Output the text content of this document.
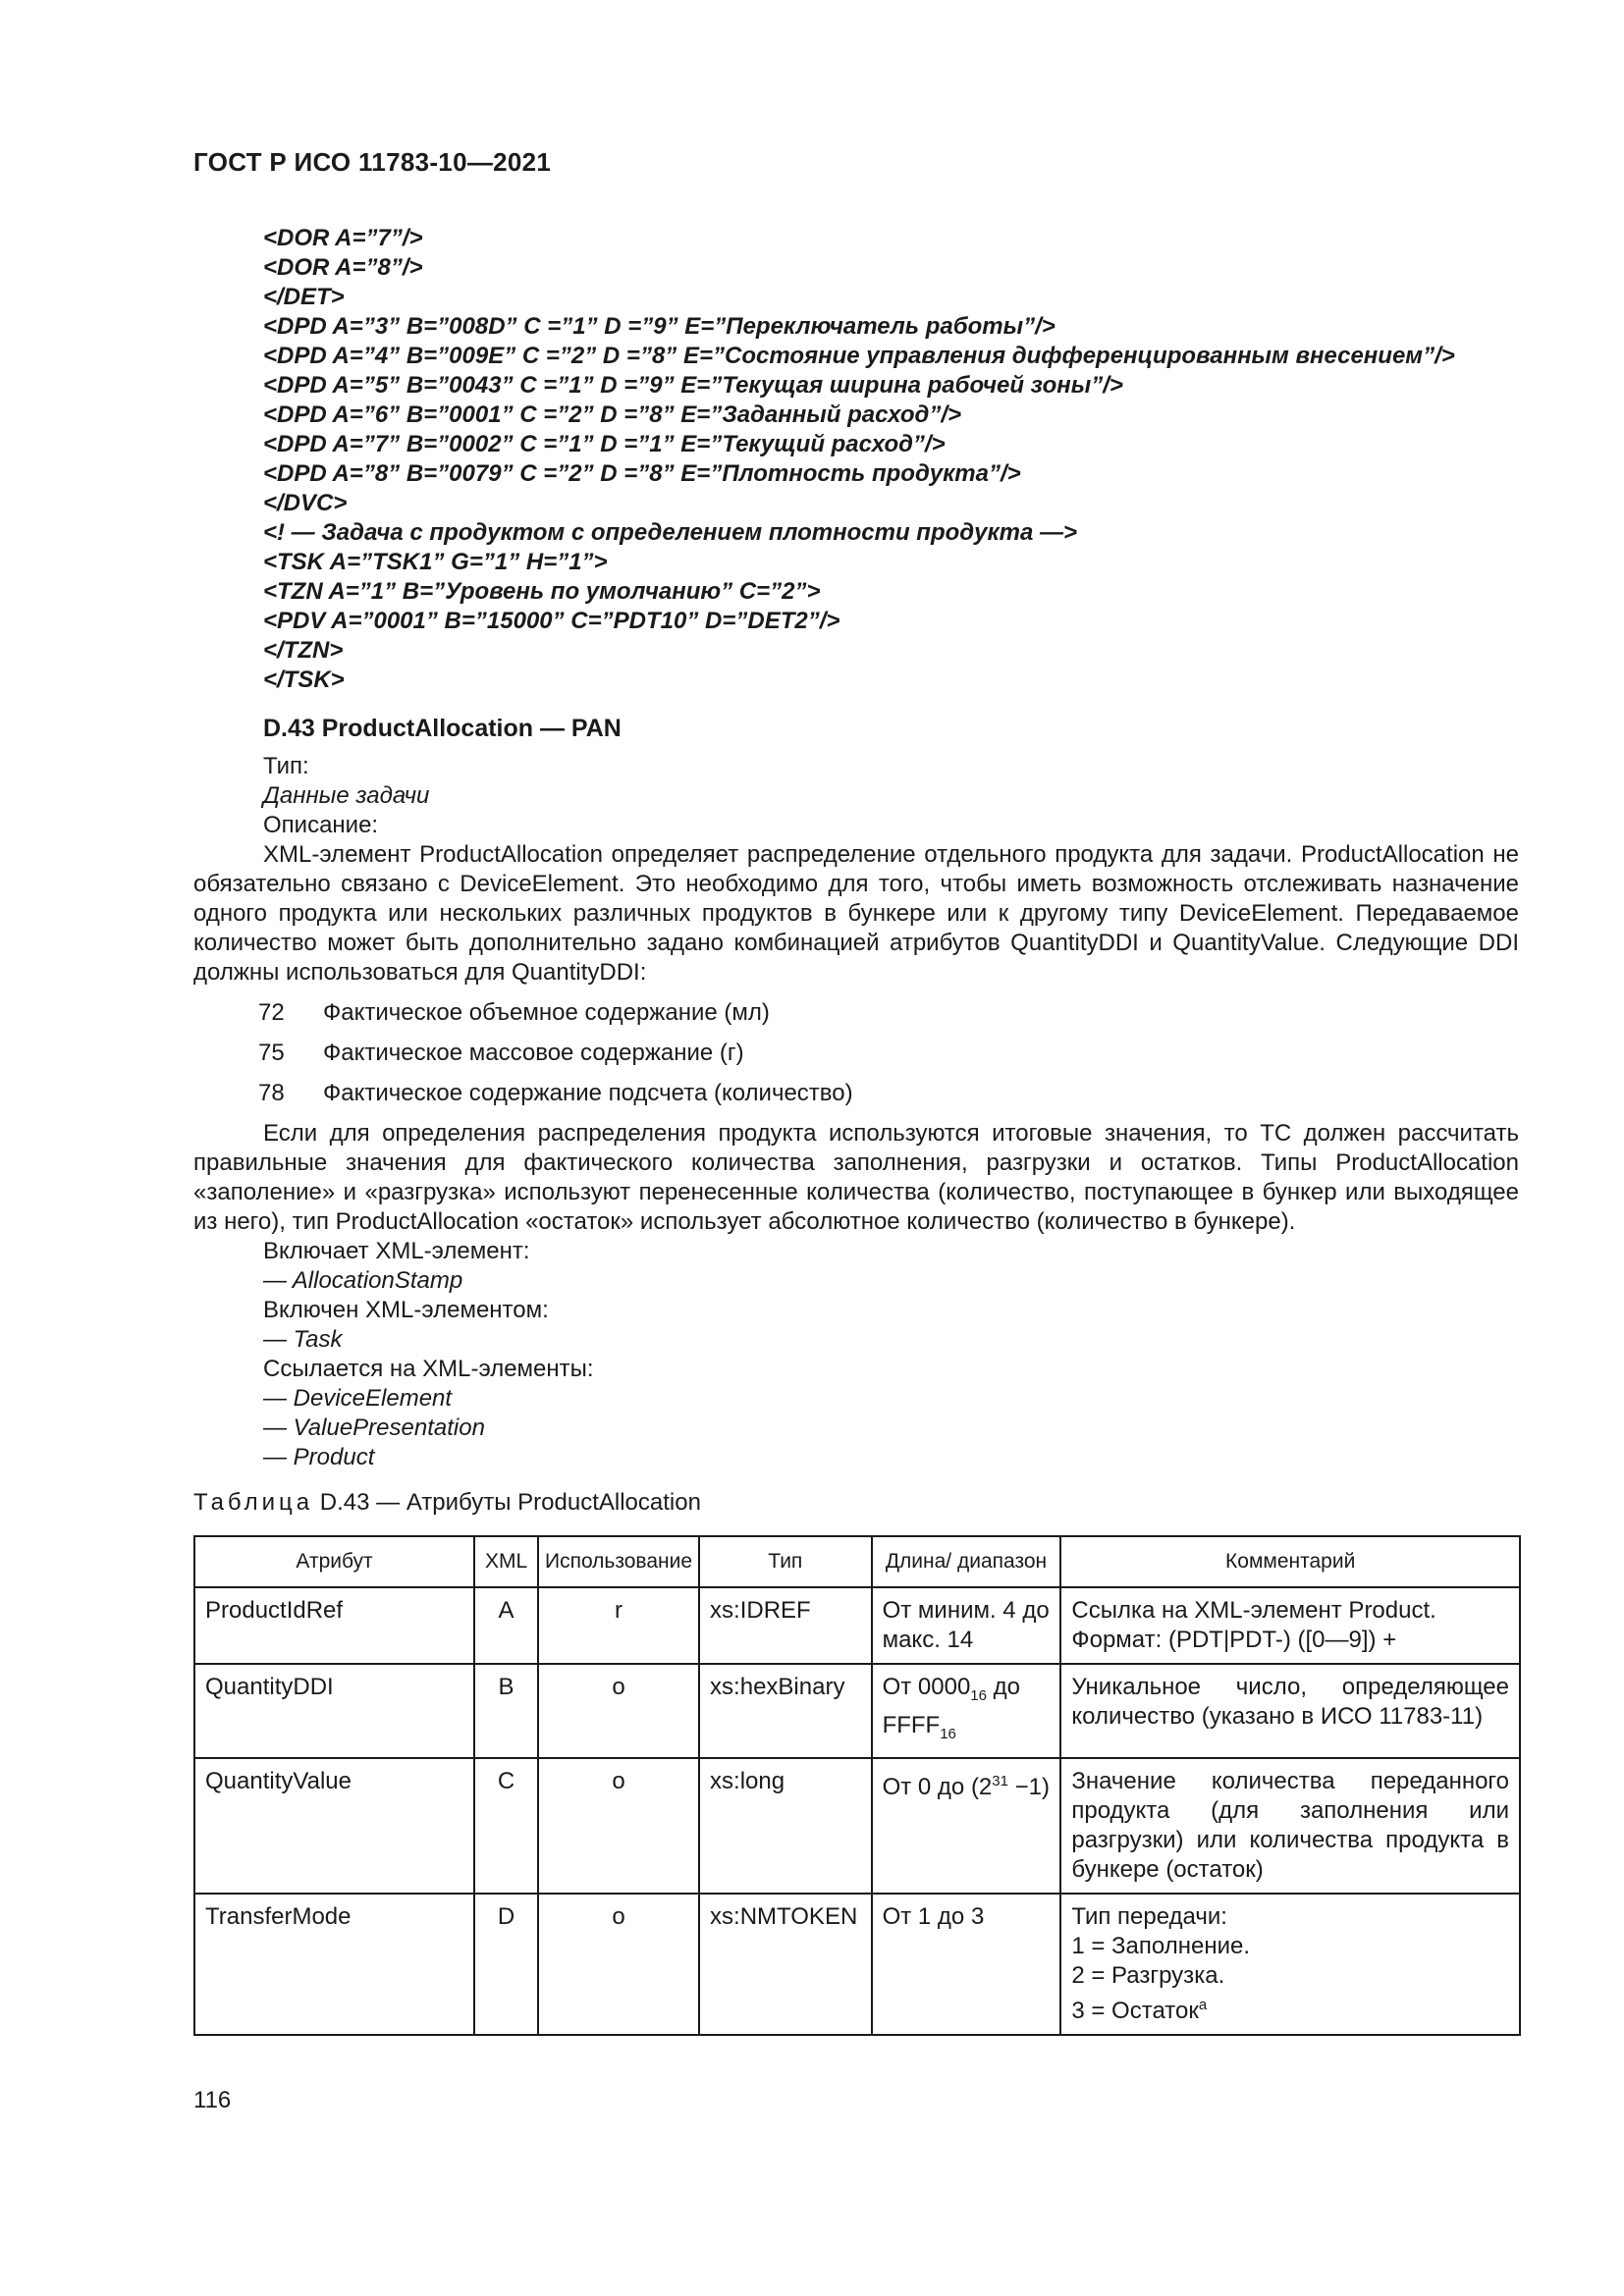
ГОСТ Р ИСО 11783-10—2021
<DOR A=”7”/>
<DOR A=”8”/>
</DET>
<DPD A=”3” B=”008D” C =”1” D =”9” E=”Переключатель работы”/>
<DPD A=”4” B=”009E” C =”2” D =”8” E=”Состояние управления дифференцированным внесением”/>
<DPD A=”5” B=”0043” C =”1” D =”9” E=”Текущая ширина рабочей зоны”/>
<DPD A=”6” B=”0001” C =”2” D =”8” E=”Заданный расход”/>
<DPD A=”7” B=”0002” C =”1” D =”1” E=”Текущий расход”/>
<DPD A=”8” B=”0079” C =”2” D =”8” E=”Плотность продукта”/>
</DVC>
<! — Задача с продуктом с определением плотности продукта —>
<TSK A=”TSK1” G=”1” H=”1”>
<TZN A=”1” B=”Уровень по умолчанию” C=”2”>
<PDV A=”0001” B=”15000” C=”PDT10” D=”DET2”/>
</TZN>
</TSK>
D.43 ProductAllocation — PAN
Тип:
Данные задачи
Описание:

XML-элемент ProductAllocation определяет распределение отдельного продукта для задачи. ProductAllocation не обязательно связано с DeviceElement. Это необходимо для того, чтобы иметь возможность отслеживать назначение одного продукта или нескольких различных продуктов в бункере или к другому типу DeviceElement. Передаваемое количество может быть дополнительно задано комбинацией атрибутов QuantityDDI и QuantityValue. Следующие DDI должны использоваться для QuantityDDI:

72	Фактическое объемное содержание (мл)
75	Фактическое массовое содержание (г)
78	Фактическое содержание подсчета (количество)

Если для определения распределения продукта используются итоговые значения, то TC должен рассчитать правильные значения для фактического количества заполнения, разгрузки и остатков. Типы ProductAllocation «заполение» и «разгрузка» используют перенесенные количества (количество, поступающее в бункер или выходящее из него), тип ProductAllocation «остаток» использует абсолютное количество (количество в бункере).

Включает XML-элемент:
— AllocationStamp
Включен XML-элементом:
— Task
Ссылается на XML-элементы:
— DeviceElement
— ValuePresentation
— Product
Таблица D.43 — Атрибуты ProductAllocation
Атрибут	XML	Использование	Тип	Длина/ диапазон	Комментарий
ProductIdRef	A	r	xs:IDREF	От миним. 4 до макс. 14	Ссылка на XML-элемент Product. Формат: (PDT|PDT-) ([0—9]) +
QuantityDDI	B	o	xs:hexBinary	От $0000_{16}$ до $FFFF_{16}$	Уникальное число, определяющее количество (указано в ИСО 11783-11)
QuantityValue	C	o	xs:long	От 0 до $(2^{31} -1)$	Значение количества переданного продукта (для заполнения или разгрузки) или количества продукта в бункере (остаток)
TransferMode	D	o	xs:NMTOKEN	От 1 до 3	Тип передачи:
1 = Заполнение.
2 = Разгрузка.
3 = Остаток$^a$
116
